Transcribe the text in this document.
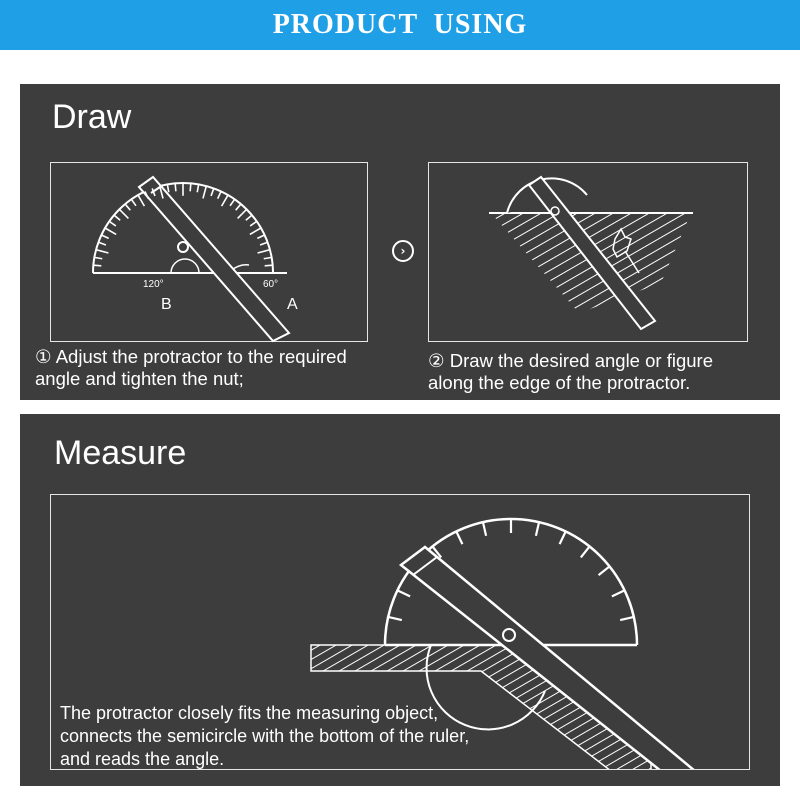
PRODUCT USING
Draw
120°	60°
B	A
›
① Adjust the protractor to the required
angle and tighten the nut;
② Draw the desired angle or figure
along the edge of the protractor.
Measure
The protractor closely fits the measuring object,
connects the semicircle with the bottom of the ruler,
and reads the angle.
